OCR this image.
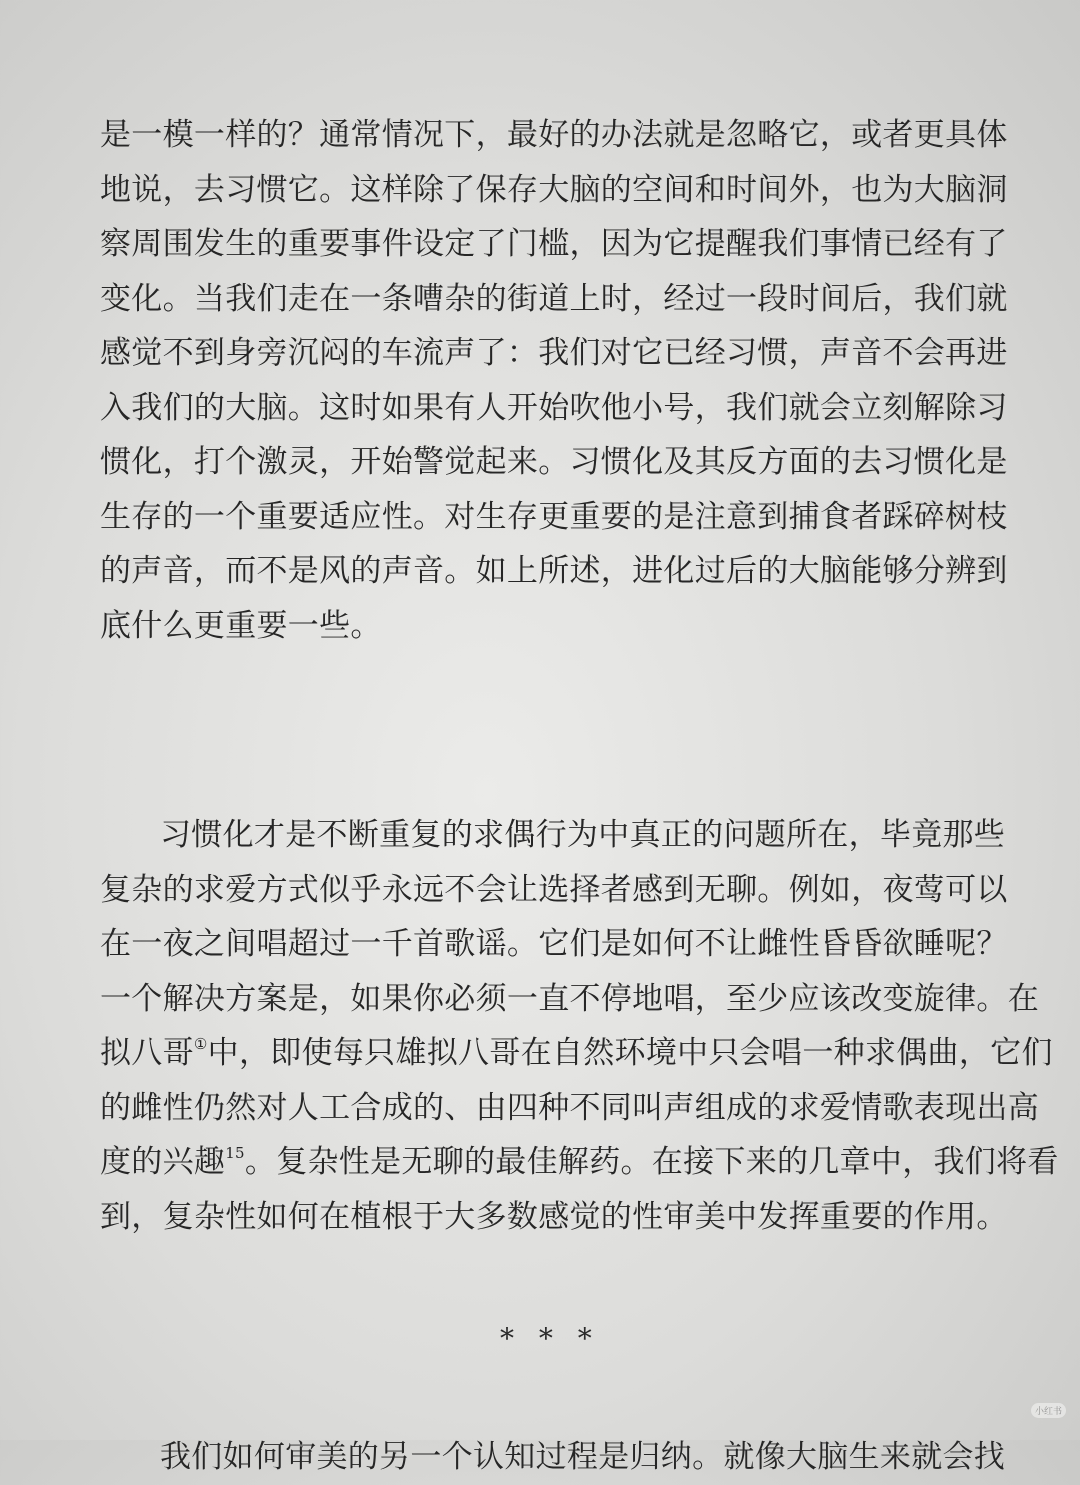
是一模一样的？通常情况下，最好的办法就是忽略它，或者更具体
地说，去习惯它。这样除了保存大脑的空间和时间外，也为大脑洞
察周围发生的重要事件设定了门槛，因为它提醒我们事情已经有了
变化。当我们走在一条嘈杂的街道上时，经过一段时间后，我们就
感觉不到身旁沉闷的车流声了：我们对它已经习惯，声音不会再进
入我们的大脑。这时如果有人开始吹他小号，我们就会立刻解除习
惯化，打个激灵，开始警觉起来。习惯化及其反方面的去习惯化是
生存的一个重要适应性。对生存更重要的是注意到捕食者踩碎树枝
的声音，而不是风的声音。如上所述，进化过后的大脑能够分辨到
底什么更重要一些。
习惯化才是不断重复的求偶行为中真正的问题所在，毕竟那些
复杂的求爱方式似乎永远不会让选择者感到无聊。例如，夜莺可以
在一夜之间唱超过一千首歌谣。它们是如何不让雌性昏昏欲睡呢？
一个解决方案是，如果你必须一直不停地唱，至少应该改变旋律。在
拟八哥①中，即使每只雄拟八哥在自然环境中只会唱一种求偶曲，它们
的雌性仍然对人工合成的、由四种不同叫声组成的求爱情歌表现出高
度的兴趣$^{15}$。复杂性是无聊的最佳解药。在接下来的几章中，我们将看
到，复杂性如何在植根于大多数感觉的性审美中发挥重要的作用。
* * *
我们如何审美的另一个认知过程是归纳。就像大脑生来就会找
小红书
